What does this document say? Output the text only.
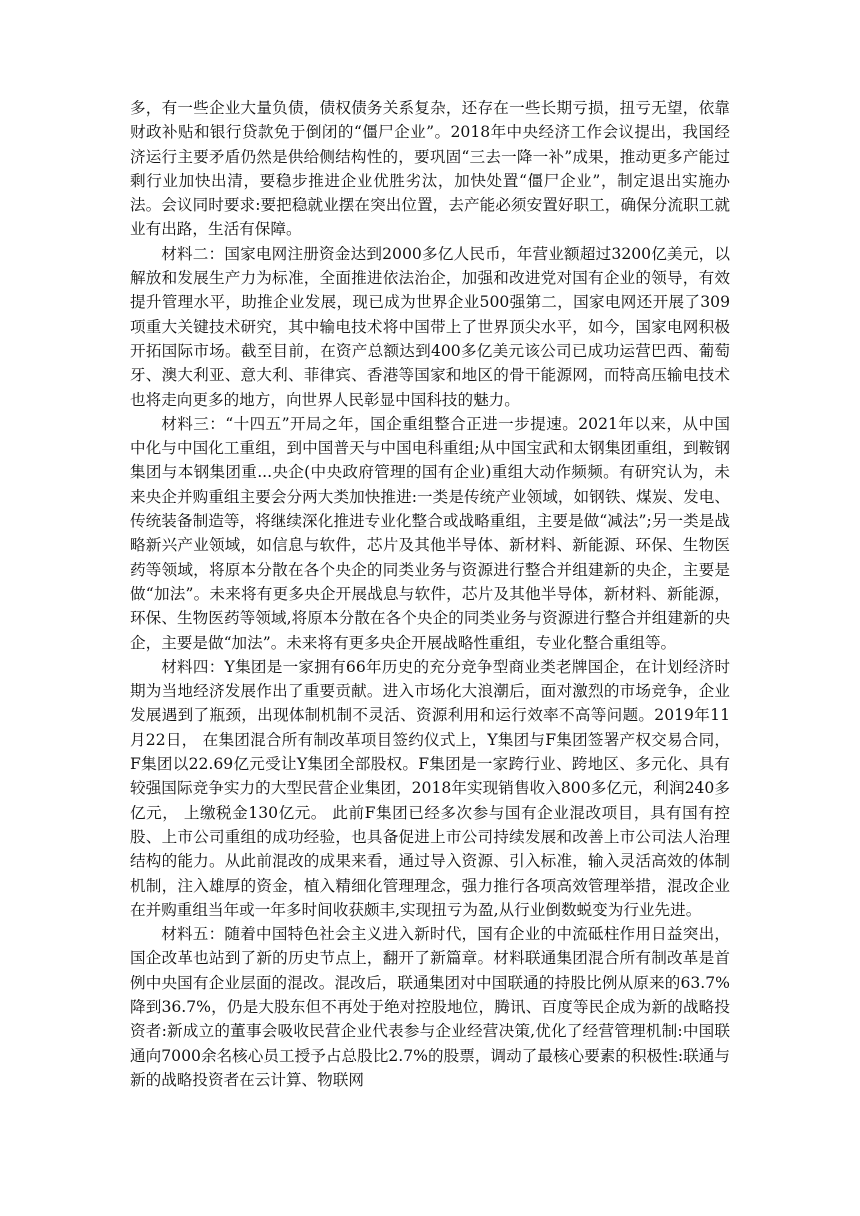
多，有一些企业大量负债，债权债务关系复杂，还存在一些长期亏损，扭亏无望，依靠财政补贴和银行贷款免于倒闭的“僵尸企业”。2018年中央经济工作会议提出，我国经济运行主要矛盾仍然是供给侧结构性的，要巩固“三去一降一补”成果，推动更多产能过剩行业加快出清，要稳步推进企业优胜劣汰，加快处置“僵尸企业”，制定退出实施办法。会议同时要求:要把稳就业摆在突出位置，去产能必须安置好职工，确保分流职工就业有出路，生活有保障。

材料二：国家电网注册资金达到2000多亿人民币，年营业额超过3200亿美元，以解放和发展生产力为标准，全面推进依法治企，加强和改进党对国有企业的领导，有效提升管理水平，助推企业发展，现已成为世界企业500强第二，国家电网还开展了309项重大关键技术研究，其中输电技术将中国带上了世界顶尖水平，如今，国家电网积极开拓国际市场。截至目前，在资产总额达到400多亿美元该公司已成功运营巴西、葡萄牙、澳大利亚、意大利、菲律宾、香港等国家和地区的骨干能源网，而特高压输电技术也将走向更多的地方，向世界人民彰显中国科技的魅力。

材料三：“十四五”开局之年，国企重组整合正进一步提速。2021年以来，从中国中化与中国化工重组，到中国普天与中国电科重组;从中国宝武和太钢集团重组，到鞍钢集团与本钢集团重...央企(中央政府管理的国有企业)重组大动作频频。有研究认为，未来央企并购重组主要会分两大类加快推进:一类是传统产业领域，如钢铁、煤炭、发电、传统装备制造等，将继续深化推进专业化整合或战略重组，主要是做“减法”;另一类是战略新兴产业领域，如信息与软件，芯片及其他半导体、新材料、新能源、环保、生物医药等领域，将原本分散在各个央企的同类业务与资源进行整合并组建新的央企，主要是做“加法”。未来将有更多央企开展战息与软件，芯片及其他半导体，新材料、新能源，环保、生物医药等领域,将原本分散在各个央企的同类业务与资源进行整合并组建新的央企，主要是做“加法”。未来将有更多央企开展战略性重组，专业化整合重组等。

材料四：Y集团是一家拥有66年历史的充分竞争型商业类老牌国企，在计划经济时期为当地经济发展作出了重要贡献。进入市场化大浪潮后，面对激烈的市场竞争，企业发展遇到了瓶颈，出现体制机制不灵活、资源利用和运行效率不高等问题。2019年11月22日， 在集团混合所有制改革项目签约仪式上，Y集团与F集团签署产权交易合同，F集团以22.69亿元受让Y集团全部股权。F集团是一家跨行业、跨地区、多元化、具有较强国际竞争实力的大型民营企业集团，2018年实现销售收入800多亿元，利润240多亿元， 上缴税金130亿元。 此前F集团已经多次参与国有企业混改项目，具有国有控股、上市公司重组的成功经验，也具备促进上市公司持续发展和改善上市公司法人治理结构的能力。从此前混改的成果来看，通过导入资源、引入标准，输入灵活高效的体制机制，注入雄厚的资金，植入精细化管理理念，强力推行各项高效管理举措，混改企业在并购重组当年或一年多时间收获颇丰,实现扭亏为盈,从行业倒数蜕变为行业先进。

材料五：随着中国特色社会主义进入新时代，国有企业的中流砥柱作用日益突出，国企改革也站到了新的历史节点上，翻开了新篇章。材料联通集团混合所有制改革是首例中央国有企业层面的混改。混改后，联通集团对中国联通的持股比例从原来的63.7%降到36.7%，仍是大股东但不再处于绝对控股地位，腾讯、百度等民企成为新的战略投资者:新成立的董事会吸收民营企业代表参与企业经营决策,优化了经营管理机制:中国联通向7000余名核心员工授予占总股比2.7%的股票，调动了最核心要素的积极性:联通与新的战略投资者在云计算、物联网
